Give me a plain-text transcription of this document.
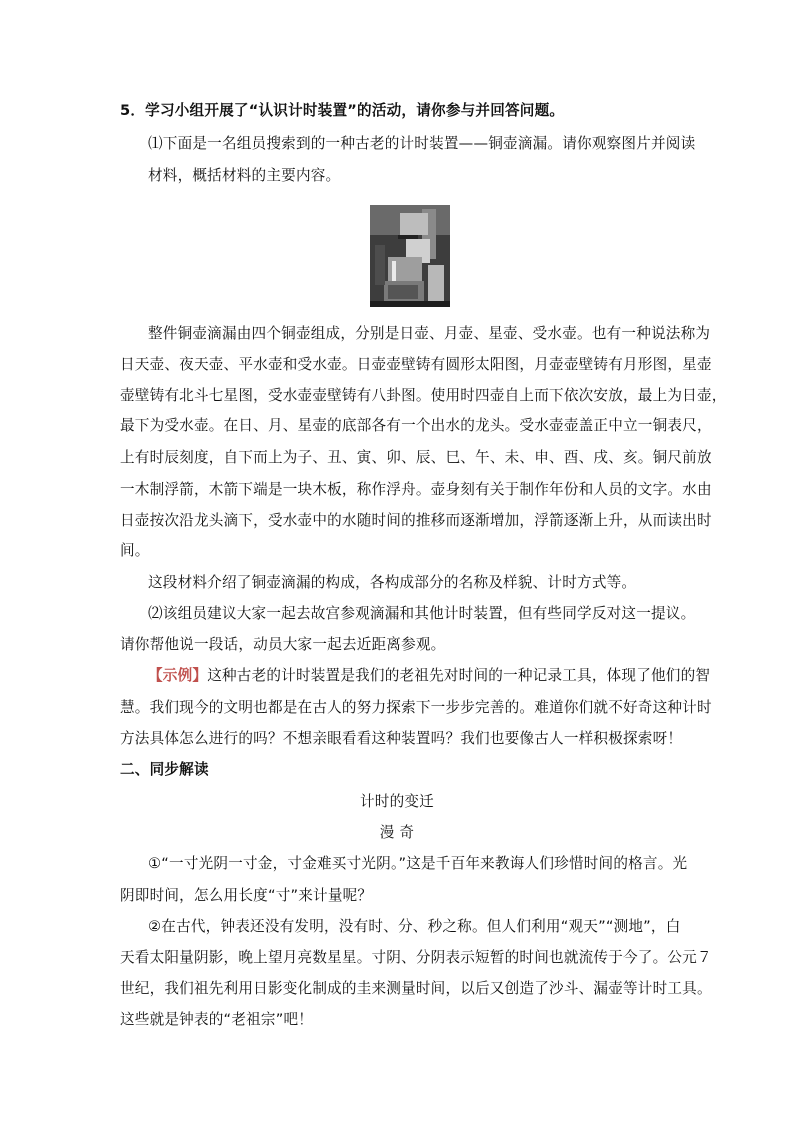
5．学习小组开展了“认识计时装置”的活动，请你参与并回答问题。
⑴下面是一名组员搜索到的一种古老的计时装置——铜壶滴漏。请你观察图片并阅读
材料，概括材料的主要内容。
整件铜壶滴漏由四个铜壶组成，分别是日壶、月壶、星壶、受水壶。也有一种说法称为
日天壶、夜天壶、平水壶和受水壶。日壶壶壁铸有圆形太阳图，月壶壶壁铸有月形图，星壶
壶壁铸有北斗七星图，受水壶壶壁铸有八卦图。使用时四壶自上而下依次安放，最上为日壶，
最下为受水壶。在日、月、星壶的底部各有一个出水的龙头。受水壶壶盖正中立一铜表尺，
上有时辰刻度，自下而上为子、丑、寅、卯、辰、巳、午、未、申、酉、戌、亥。铜尺前放
一木制浮箭，木箭下端是一块木板，称作浮舟。壶身刻有关于制作年份和人员的文字。水由
日壶按次沿龙头滴下，受水壶中的水随时间的推移而逐渐增加，浮箭逐渐上升，从而读出时
间。
这段材料介绍了铜壶滴漏的构成，各构成部分的名称及样貌、计时方式等。
⑵该组员建议大家一起去故宫参观滴漏和其他计时装置，但有些同学反对这一提议。
请你帮他说一段话，动员大家一起去近距离参观。
【示例】这种古老的计时装置是我们的老祖先对时间的一种记录工具，体现了他们的智
慧。我们现今的文明也都是在古人的努力探索下一步步完善的。难道你们就不好奇这种计时
方法具体怎么进行的吗？不想亲眼看看这种装置吗？我们也要像古人一样积极探索呀！
二、同步解读
计时的变迁
漫 奇
①“一寸光阴一寸金，寸金难买寸光阴。”这是千百年来教诲人们珍惜时间的格言。光
阴即时间，怎么用长度“寸”来计量呢？
②在古代，钟表还没有发明，没有时、分、秒之称。但人们利用“观天”“测地”，白
天看太阳量阴影，晚上望月亮数星星。寸阴、分阴表示短暂的时间也就流传于今了。公元７
世纪，我们祖先利用日影变化制成的圭来测量时间，以后又创造了沙斗、漏壶等计时工具。
这些就是钟表的“老祖宗”吧！
